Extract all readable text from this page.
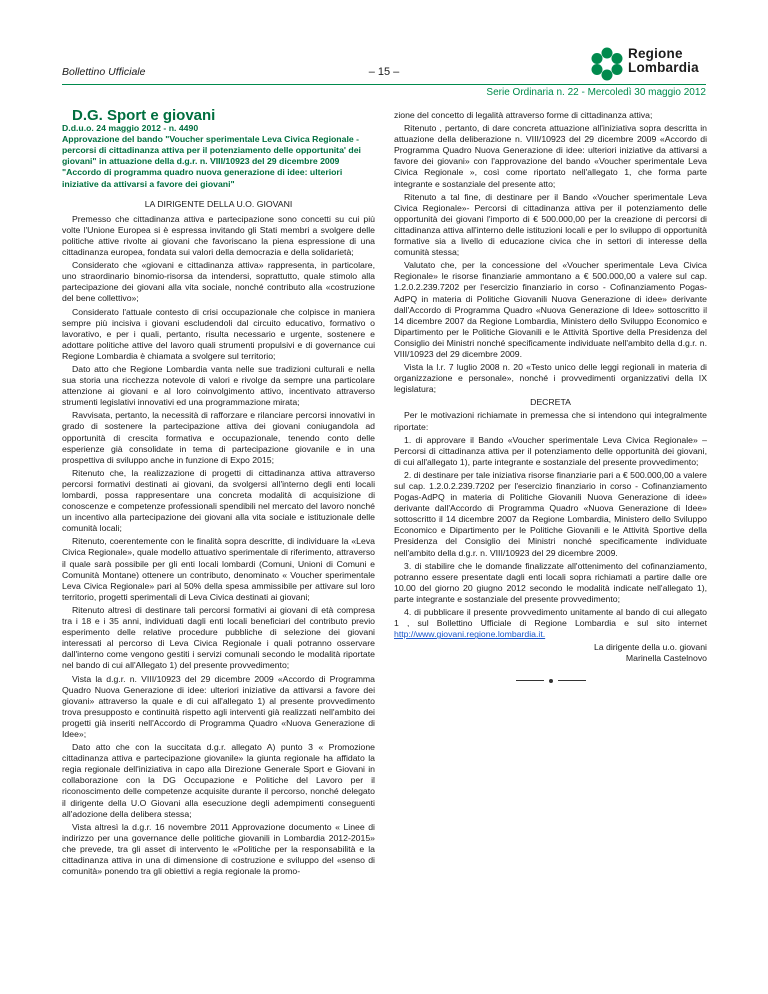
Bollettino Ufficiale	– 15 –
Regione
Lombardia
Serie Ordinaria n. 22 - Mercoledì 30 maggio 2012

D.G. Sport e giovani

D.d.u.o. 24 maggio 2012 - n. 4490
Approvazione del bando "Voucher sperimentale Leva Civica Regionale - percorsi di cittadinanza attiva per il potenziamento delle opportunita' dei giovani" in attuazione della d.g.r. n. VIII/10923 del 29 dicembre 2009 "Accordo di programma quadro nuova generazione di idee: ulteriori iniziative da attivarsi a favore dei giovani"

LA DIRIGENTE DELLA U.O. GIOVANI

Premesso che cittadinanza attiva e partecipazione sono concetti su cui più volte l'Unione Europea si è espressa invitando gli Stati membri a svolgere delle politiche attive rivolte ai giovani che favoriscano la piena espressione di una cittadinanza europea, fondata sui valori della democrazia e della solidarietà;

Considerato che «giovani e cittadinanza attiva» rappresenta, in particolare, uno straordinario binomio-risorsa da intendersi, soprattutto, quale stimolo alla partecipazione dei giovani alla vita sociale, nonché contributo alla «costruzione del bene collettivo»;

Considerato l'attuale contesto di crisi occupazionale che colpisce in maniera sempre più incisiva i giovani escludendoli dal circuito educativo, formativo o lavorativo, e per i quali, pertanto, risulta necessario e urgente, sostenere e adottare politiche attive del lavoro quali strumenti propulsivi e di governance cui Regione Lombardia è chiamata a svolgere sul territorio;

Dato atto che Regione Lombardia vanta nelle sue tradizioni culturali e nella sua storia una ricchezza notevole di valori e rivolge da sempre una particolare attenzione ai giovani e al loro coinvolgimento attivo, incentivato attraverso strumenti legislativi innovativi ed una programmazione mirata;

Ravvisata, pertanto, la necessità di rafforzare e rilanciare percorsi innovativi in grado di sostenere la partecipazione attiva dei giovani coniugandola ad opportunità di crescita formativa e occupazionale, tenendo conto delle esperienze già consolidate in tema di partecipazione giovanile e in una prospettiva di sviluppo anche in funzione di Expo 2015;

Ritenuto che, la realizzazione di progetti di cittadinanza attiva attraverso percorsi formativi destinati ai giovani, da svolgersi all'interno degli enti locali lombardi, possa rappresentare una concreta modalità di acquisizione di conoscenze e competenze professionali spendibili nel mercato del lavoro nonché un incentivo alla partecipazione dei giovani alla vita sociale e istituzionale delle comunità locali;

Ritenuto, coerentemente con le finalità sopra descritte, di individuare la «Leva Civica Regionale», quale modello attuativo sperimentale di riferimento, attraverso il quale sarà possibile per gli enti locali lombardi (Comuni, Unioni di Comuni e Comunità Montane) ottenere un contributo, denominato « Voucher sperimentale Leva Civica Regionale» pari al 50% della spesa ammissibile per attivare sul loro territorio, progetti sperimentali di Leva Civica destinati ai giovani;

Ritenuto altresì di destinare tali percorsi formativi ai giovani di età compresa tra i 18 e i 35 anni, individuati dagli enti locali beneficiari del contributo previo esperimento delle relative procedure pubbliche di selezione dei giovani interessati al percorso di Leva Civica Regionale i quali potranno osservare dall'interno come vengono gestiti i servizi comunali secondo le modalità riportate nel bando di cui all'Allegato 1) del presente provvedimento;

Vista la d.g.r. n. VIII/10923 del 29 dicembre 2009 «Accordo di Programma Quadro Nuova Generazione di idee: ulteriori iniziative da attivarsi a favore dei giovani» attraverso la quale e di cui all'allegato 1) al presente provvedimento trova presupposto e continuità rispetto agli interventi già realizzati nell'ambito dei progetti già inseriti nell'Accordo di Programma Quadro «Nuova Generazione di Idee»;

Dato atto che con la succitata d.g.r. allegato A) punto 3 « Promozione cittadinanza attiva e partecipazione giovanile» la giunta regionale ha affidato la regia regionale dell'iniziativa in capo alla Direzione Generale Sport e Giovani in collaborazione con la DG Occupazione e Politiche del Lavoro per il riconoscimento delle competenze acquisite durante il percorso, nonché delegato il dirigente della U.O Giovani alla esecuzione degli adempimenti conseguenti all'adozione della delibera stessa;

Vista altresì la d.g.r. 16 novembre 2011 Approvazione documento « Linee di indirizzo per una governance delle politiche giovanili in Lombardia 2012-2015» che prevede, tra gli asset di intervento le «Politiche per la responsabilità e la cittadinanza attiva in una di dimensione di costruzione e sviluppo del «senso di comunità» ponendo tra gli obiettivi a regia regionale la promo-

zione del concetto di legalità attraverso forme di cittadinanza attiva;

Ritenuto , pertanto, di dare concreta attuazione all'iniziativa sopra descritta in attuazione della deliberazione n. VIII/10923 del 29 dicembre 2009 «Accordo di Programma Quadro Nuova Generazione di idee: ulteriori iniziative da attivarsi a favore dei giovani» con l'approvazione del bando «Voucher sperimentale Leva Civica Regionale », così come riportato nell'allegato 1, che forma parte integrante e sostanziale del presente atto;

Ritenuto a tal fine, di destinare per il Bando «Voucher sperimentale Leva Civica Regionale»- Percorsi di cittadinanza attiva per il potenziamento delle opportunità dei giovani l'importo di € 500.000,00 per la creazione di percorsi di cittadinanza attiva all'interno delle istituzioni locali e per lo sviluppo di opportunità formative sia a livello di educazione civica che in settori di interesse della comunità stessa;

Valutato che, per la concessione del «Voucher sperimentale Leva Civica Regionale» le risorse finanziarie ammontano a € 500.000,00 a valere sul cap. 1.2.0.2.239.7202 per l'esercizio finanziario in corso - Cofinanziamento Pogas-AdPQ in materia di Politiche Giovanili Nuova Generazione di idee» derivante dall'Accordo di Programma Quadro «Nuova Generazione di Idee» sottoscritto il 14 dicembre 2007 da Regione Lombardia, Ministero dello Sviluppo Economico e Dipartimento per le Politiche Giovanili e le Attività Sportive della Presidenza del Consiglio dei Ministri nonché specificamente individuate nell'ambito della d.g.r. n. VIII/10923 del 29 dicembre 2009.

Vista la l.r. 7 luglio 2008 n. 20 «Testo unico delle leggi regionali in materia di organizzazione e personale», nonché i provvedimenti organizzativi della IX legislatura;

DECRETA

Per le motivazioni richiamate in premessa che si intendono qui integralmente riportate:

1. di approvare il Bando «Voucher sperimentale Leva Civica Regionale» – Percorsi di cittadinanza attiva per il potenziamento delle opportunità dei giovani, di cui all'allegato 1), parte integrante e sostanziale del presente provvedimento;

2. di destinare per tale iniziativa risorse finanziarie pari a € 500.000,00 a valere sul cap. 1.2.0.2.239.7202 per l'esercizio finanziario in corso - Cofinanziamento Pogas-AdPQ in materia di Politiche Giovanili Nuova Generazione di idee» derivante dall'Accordo di Programma Quadro «Nuova Generazione di Idee» sottoscritto il 14 dicembre 2007 da Regione Lombardia, Ministero dello Sviluppo Economico e Dipartimento per le Politiche Giovanili e le Attività Sportive della Presidenza del Consiglio dei Ministri nonché specificamente individuate nell'ambito della d.g.r. n. VIII/10923 del 29 dicembre 2009.

3. di stabilire che le domande finalizzate all'ottenimento del cofinanziamento, potranno essere presentate dagli enti locali sopra richiamati a partire dalle ore 10.00 del giorno 20 giugno 2012 secondo le modalità indicate nell'allegato 1), parte integrante e sostanziale del presente provvedimento;

4. di pubblicare il presente provvedimento unitamente al bando di cui allegato 1 , sul Bollettino Ufficiale di Regione Lombardia e sul sito internet http://www.giovani.regione.lombardia.it.

La dirigente della u.o. giovani

Marinella Castelnovo
